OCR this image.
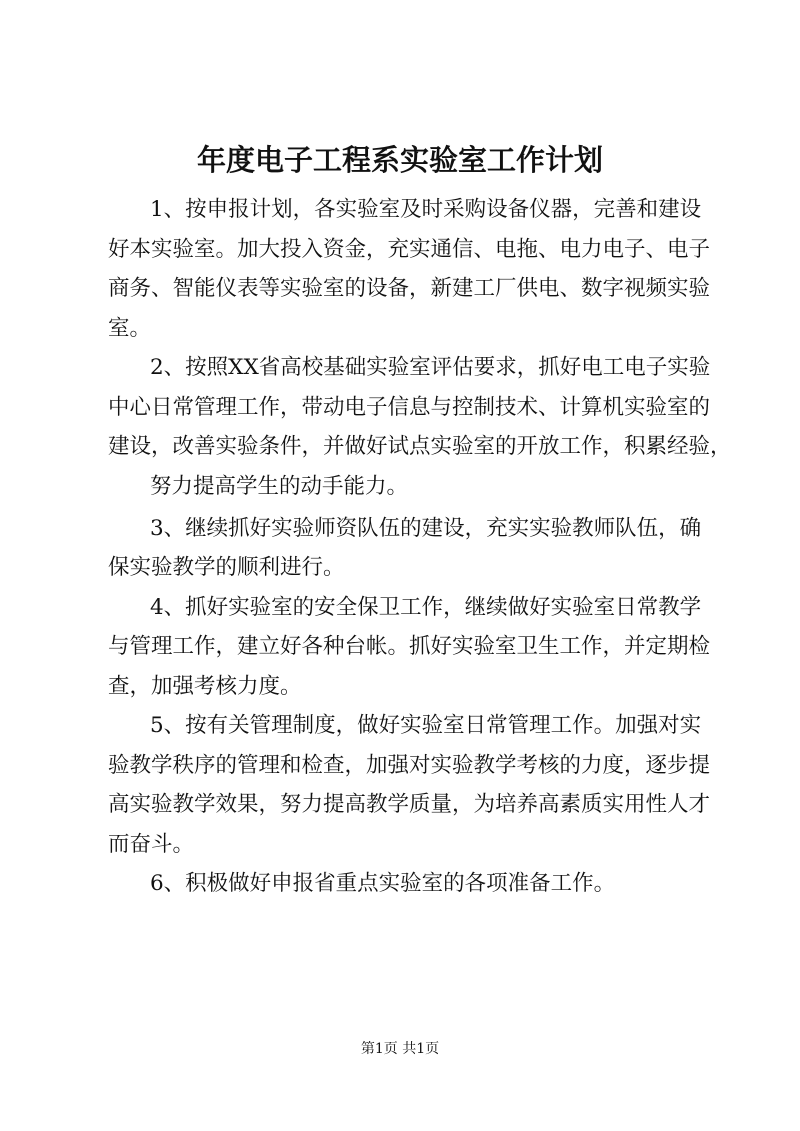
年度电子工程系实验室工作计划

1、按申报计划，各实验室及时采购设备仪器，完善和建设

好本实验室。加大投入资金，充实通信、电拖、电力电子、电子

商务、智能仪表等实验室的设备，新建工厂供电、数字视频实验

室。

2、按照XX省高校基础实验室评估要求，抓好电工电子实验

中心日常管理工作，带动电子信息与控制技术、计算机实验室的

建设，改善实验条件，并做好试点实验室的开放工作，积累经验，

努力提高学生的动手能力。

3、继续抓好实验师资队伍的建设，充实实验教师队伍，确

保实验教学的顺利进行。

4、抓好实验室的安全保卫工作，继续做好实验室日常教学

与管理工作，建立好各种台帐。抓好实验室卫生工作，并定期检

查，加强考核力度。

5、按有关管理制度，做好实验室日常管理工作。加强对实

验教学秩序的管理和检查，加强对实验教学考核的力度，逐步提

高实验教学效果，努力提高教学质量，为培养高素质实用性人才

而奋斗。

6、积极做好申报省重点实验室的各项准备工作。

第1页 共1页
